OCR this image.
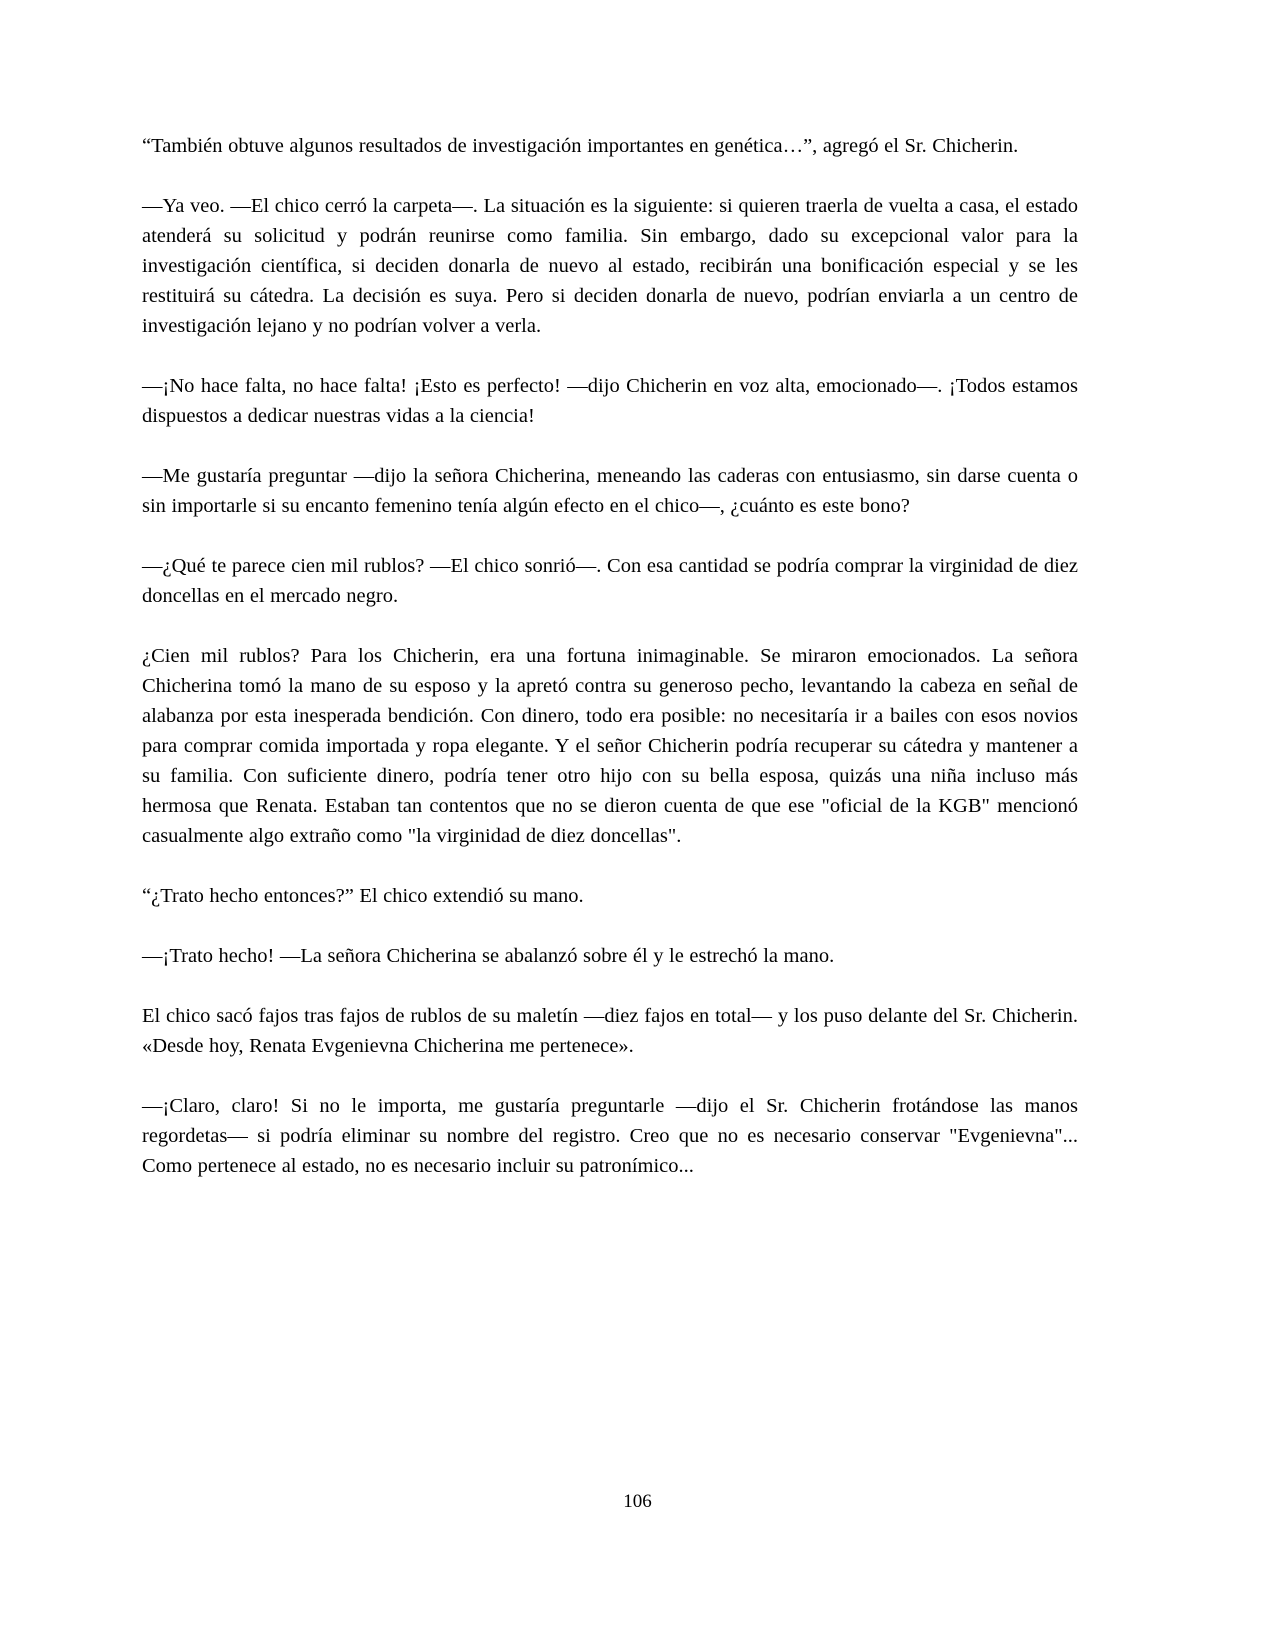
“También obtuve algunos resultados de investigación importantes en genética…”, agregó el Sr. Chicherin.

—Ya veo. —El chico cerró la carpeta—. La situación es la siguiente: si quieren traerla de vuelta a casa, el estado atenderá su solicitud y podrán reunirse como familia. Sin embargo, dado su excepcional valor para la investigación científica, si deciden donarla de nuevo al estado, recibirán una bonificación especial y se les restituirá su cátedra. La decisión es suya. Pero si deciden donarla de nuevo, podrían enviarla a un centro de investigación lejano y no podrían volver a verla.

—¡No hace falta, no hace falta! ¡Esto es perfecto! —dijo Chicherin en voz alta, emocionado—. ¡Todos estamos dispuestos a dedicar nuestras vidas a la ciencia!

—Me gustaría preguntar —dijo la señora Chicherina, meneando las caderas con entusiasmo, sin darse cuenta o sin importarle si su encanto femenino tenía algún efecto en el chico—, ¿cuánto es este bono?

—¿Qué te parece cien mil rublos? —El chico sonrió—. Con esa cantidad se podría comprar la virginidad de diez doncellas en el mercado negro.

¿Cien mil rublos? Para los Chicherin, era una fortuna inimaginable. Se miraron emocionados. La señora Chicherina tomó la mano de su esposo y la apretó contra su generoso pecho, levantando la cabeza en señal de alabanza por esta inesperada bendición. Con dinero, todo era posible: no necesitaría ir a bailes con esos novios para comprar comida importada y ropa elegante. Y el señor Chicherin podría recuperar su cátedra y mantener a su familia. Con suficiente dinero, podría tener otro hijo con su bella esposa, quizás una niña incluso más hermosa que Renata. Estaban tan contentos que no se dieron cuenta de que ese "oficial de la KGB" mencionó casualmente algo extraño como "la virginidad de diez doncellas".

“¿Trato hecho entonces?” El chico extendió su mano.

—¡Trato hecho! —La señora Chicherina se abalanzó sobre él y le estrechó la mano.

El chico sacó fajos tras fajos de rublos de su maletín —diez fajos en total— y los puso delante del Sr. Chicherin. «Desde hoy, Renata Evgenievna Chicherina me pertenece».

—¡Claro, claro! Si no le importa, me gustaría preguntarle —dijo el Sr. Chicherin frotándose las manos regordetas— si podría eliminar su nombre del registro. Creo que no es necesario conservar "Evgenievna"... Como pertenece al estado, no es necesario incluir su patronímico...

106
